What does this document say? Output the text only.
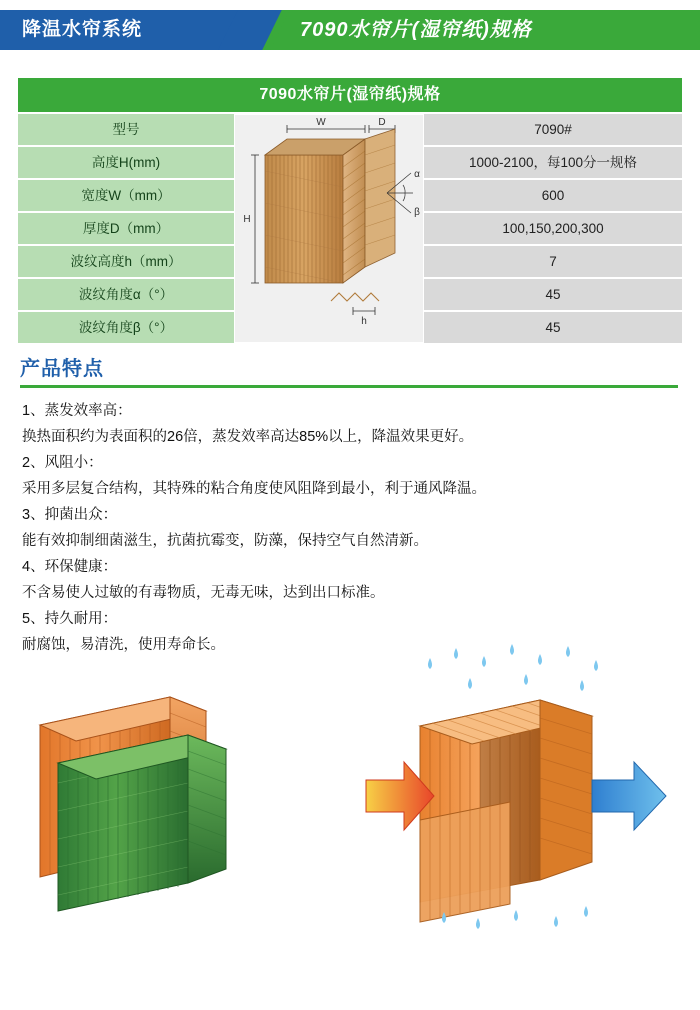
降温水帘系统	7090水帘片(湿帘纸)规格
7090水帘片(湿帘纸)规格
型号
高度H(mm)
宽度W（mm）
厚度D（mm）
波纹高度h（mm）
波纹角度α（°）
波纹角度β（°）
W	D
H
α
β
h
7090#
1000-2100，每100分一规格
600
100,150,200,300
7
45
45
产品特点

1、蒸发效率高：

换热面积约为表面积的26倍，蒸发效率高达85%以上，降温效果更好。

2、风阻小：

采用多层复合结构，其特殊的粘合角度使风阻降到最小，利于通风降温。

3、抑菌出众：

能有效抑制细菌滋生，抗菌抗霉变，防藻，保持空气自然清新。

4、环保健康：

不含易使人过敏的有毒物质，无毒无味，达到出口标准。

5、持久耐用：

耐腐蚀，易清洗，使用寿命长。
